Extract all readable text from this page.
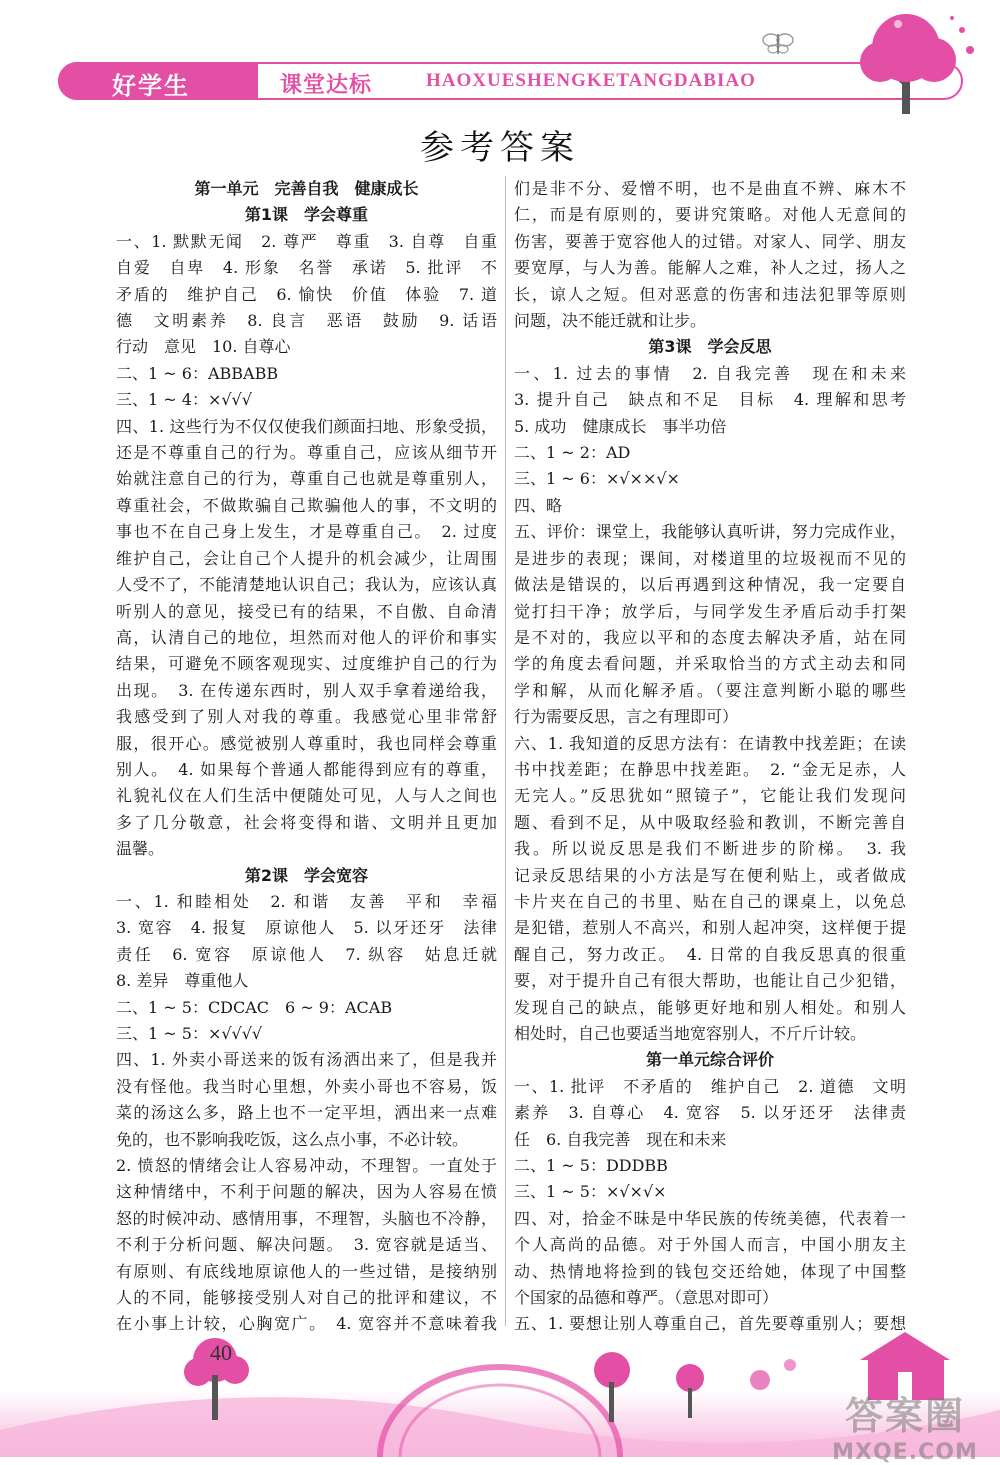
好学生	课堂达标	HAOXUESHENGKETANGDABIAO
参考答案
第一单元　完善自我　健康成长
第1课　学会尊重
一、1. 默默无闻　2. 尊严　尊重　3. 自尊　自重
自爱　自卑　4. 形象　名誉　承诺　5. 批评　不
矛盾的　维护自己　6. 愉快　价值　体验　7. 道
德　文明素养　8. 良言　恶语　鼓励　9. 话语
行动　意见　10. 自尊心
二、1 ~ 6：ABBABB
三、1 ~ 4：×√√√
四、1. 这些行为不仅仅使我们颜面扫地、形象受损，
还是不尊重自己的行为。尊重自己，应该从细节开
始就注意自己的行为，尊重自己也就是尊重别人，
尊重社会，不做欺骗自己欺骗他人的事，不文明的
事也不在自己身上发生，才是尊重自己。　2. 过度
维护自己，会让自己个人提升的机会减少，让周围
人受不了，不能清楚地认识自己；我认为，应该认真
听别人的意见，接受已有的结果，不自傲、自命清
高，认清自己的地位，坦然而对他人的评价和事实
结果，可避免不顾客观现实、过度维护自己的行为
出现。　3. 在传递东西时，别人双手拿着递给我，
我感受到了别人对我的尊重。我感觉心里非常舒
服，很开心。感觉被别人尊重时，我也同样会尊重
别人。　4. 如果每个普通人都能得到应有的尊重，
礼貌礼仪在人们生活中便随处可见，人与人之间也
多了几分敬意，社会将变得和谐、文明并且更加
温馨。
第2课　学会宽容
一、1. 和睦相处　2. 和谐　友善　平和　幸福
3. 宽容　4. 报复　原谅他人　5. 以牙还牙　法律
责任　6. 宽容　原谅他人　7. 纵容　姑息迁就
8. 差异　尊重他人
二、1 ~ 5：CDCAC　6 ~ 9：ACAB
三、1 ~ 5：×√√√√
四、1. 外卖小哥送来的饭有汤洒出来了，但是我并
没有怪他。我当时心里想，外卖小哥也不容易，饭
菜的汤这么多，路上也不一定平坦，洒出来一点难
免的，也不影响我吃饭，这么点小事，不必计较。
2. 愤怒的情绪会让人容易冲动，不理智。一直处于
这种情绪中，不利于问题的解决，因为人容易在愤
怒的时候冲动、感情用事，不理智，头脑也不冷静，
不利于分析问题、解决问题。　3. 宽容就是适当、
有原则、有底线地原谅他人的一些过错，是接纳别
人的不同，能够接受别人对自己的批评和建议，不
在小事上计较，心胸宽广。　4. 宽容并不意味着我
们是非不分、爱憎不明，也不是曲直不辨、麻木不
仁，而是有原则的，要讲究策略。对他人无意间的
伤害，要善于宽容他人的过错。对家人、同学、朋友
要宽厚，与人为善。能解人之难，补人之过，扬人之
长，谅人之短。但对恶意的伤害和违法犯罪等原则
问题，决不能迁就和让步。
第3课　学会反思
一、1. 过去的事情　2. 自我完善　现在和未来
3. 提升自己　缺点和不足　目标　4. 理解和思考
5. 成功　健康成长　事半功倍
二、1 ~ 2：AD
三、1 ~ 6：×√××√×
四、略
五、评价：课堂上，我能够认真听讲，努力完成作业，
是进步的表现；课间，对楼道里的垃圾视而不见的
做法是错误的，以后再遇到这种情况，我一定要自
觉打扫干净；放学后，与同学发生矛盾后动手打架
是不对的，我应以平和的态度去解决矛盾，站在同
学的角度去看问题，并采取恰当的方式主动去和同
学和解，从而化解矛盾。（要注意判断小聪的哪些
行为需要反思，言之有理即可）
六、1. 我知道的反思方法有：在请教中找差距；在读
书中找差距；在静思中找差距。　2. “金无足赤，人
无完人。”反思犹如“照镜子”，它能让我们发现问
题、看到不足，从中吸取经验和教训，不断完善自
我。所以说反思是我们不断进步的阶梯。　3. 我
记录反思结果的小方法是写在便利贴上，或者做成
卡片夹在自己的书里、贴在自己的课桌上，以免总
是犯错，惹别人不高兴，和别人起冲突，这样便于提
醒自己，努力改正。　4. 日常的自我反思真的很重
要，对于提升自己有很大帮助，也能让自己少犯错，
发现自己的缺点，能够更好地和别人相处。和别人
相处时，自己也要适当地宽容别人，不斤斤计较。
第一单元综合评价
一、1. 批评　不矛盾的　维护自己　2. 道德　文明
素养　3. 自尊心　4. 宽容　5. 以牙还牙　法律责
任　6. 自我完善　现在和未来
二、1 ~ 5：DDDBB
三、1 ~ 5：×√×√×
四、对，拾金不昧是中华民族的传统美德，代表着一
个人高尚的品德。对于外国人而言，中国小朋友主
动、热情地将捡到的钱包交还给她，体现了中国整
个国家的品德和尊严。（意思对即可）
五、1. 要想让别人尊重自己，首先要尊重别人；要想
40
答案圈
MXQE.COM
